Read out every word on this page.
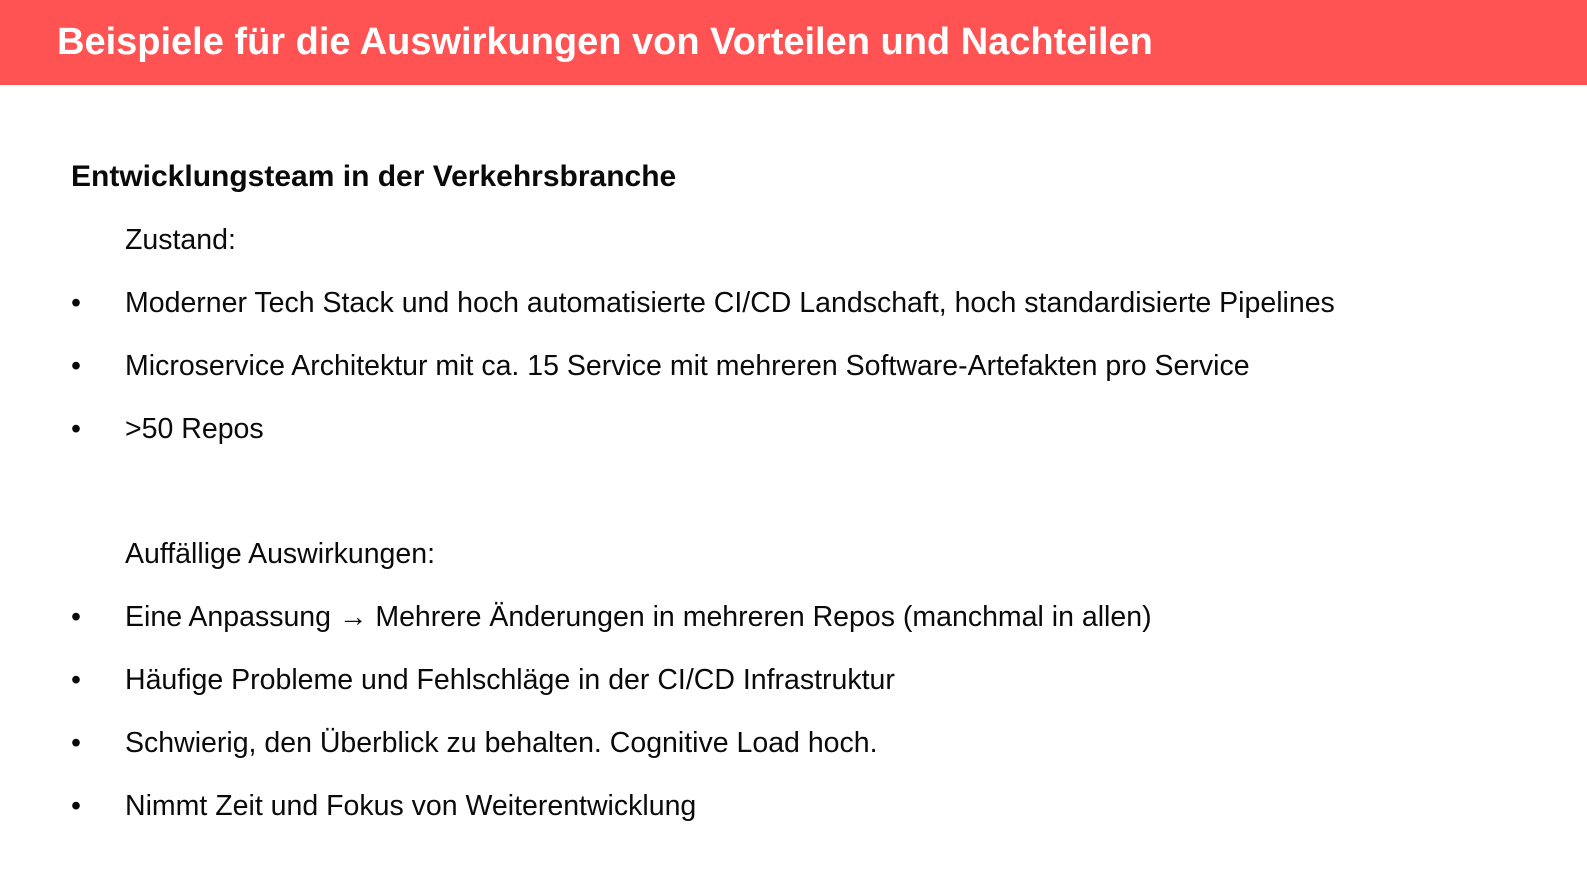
Beispiele für die Auswirkungen von Vorteilen und Nachteilen
Entwicklungsteam in der Verkehrsbranche
Zustand:
• Moderner Tech Stack und hoch automatisierte CI/CD Landschaft, hoch standardisierte Pipelines
• Microservice Architektur mit ca. 15 Service mit mehreren Software-Artefakten pro Service
• >50 Repos
Auffällige Auswirkungen:
• Eine Anpassung → Mehrere Änderungen in mehreren Repos (manchmal in allen)
• Häufige Probleme und Fehlschläge in der CI/CD Infrastruktur
• Schwierig, den Überblick zu behalten. Cognitive Load hoch.
• Nimmt Zeit und Fokus von Weiterentwicklung
